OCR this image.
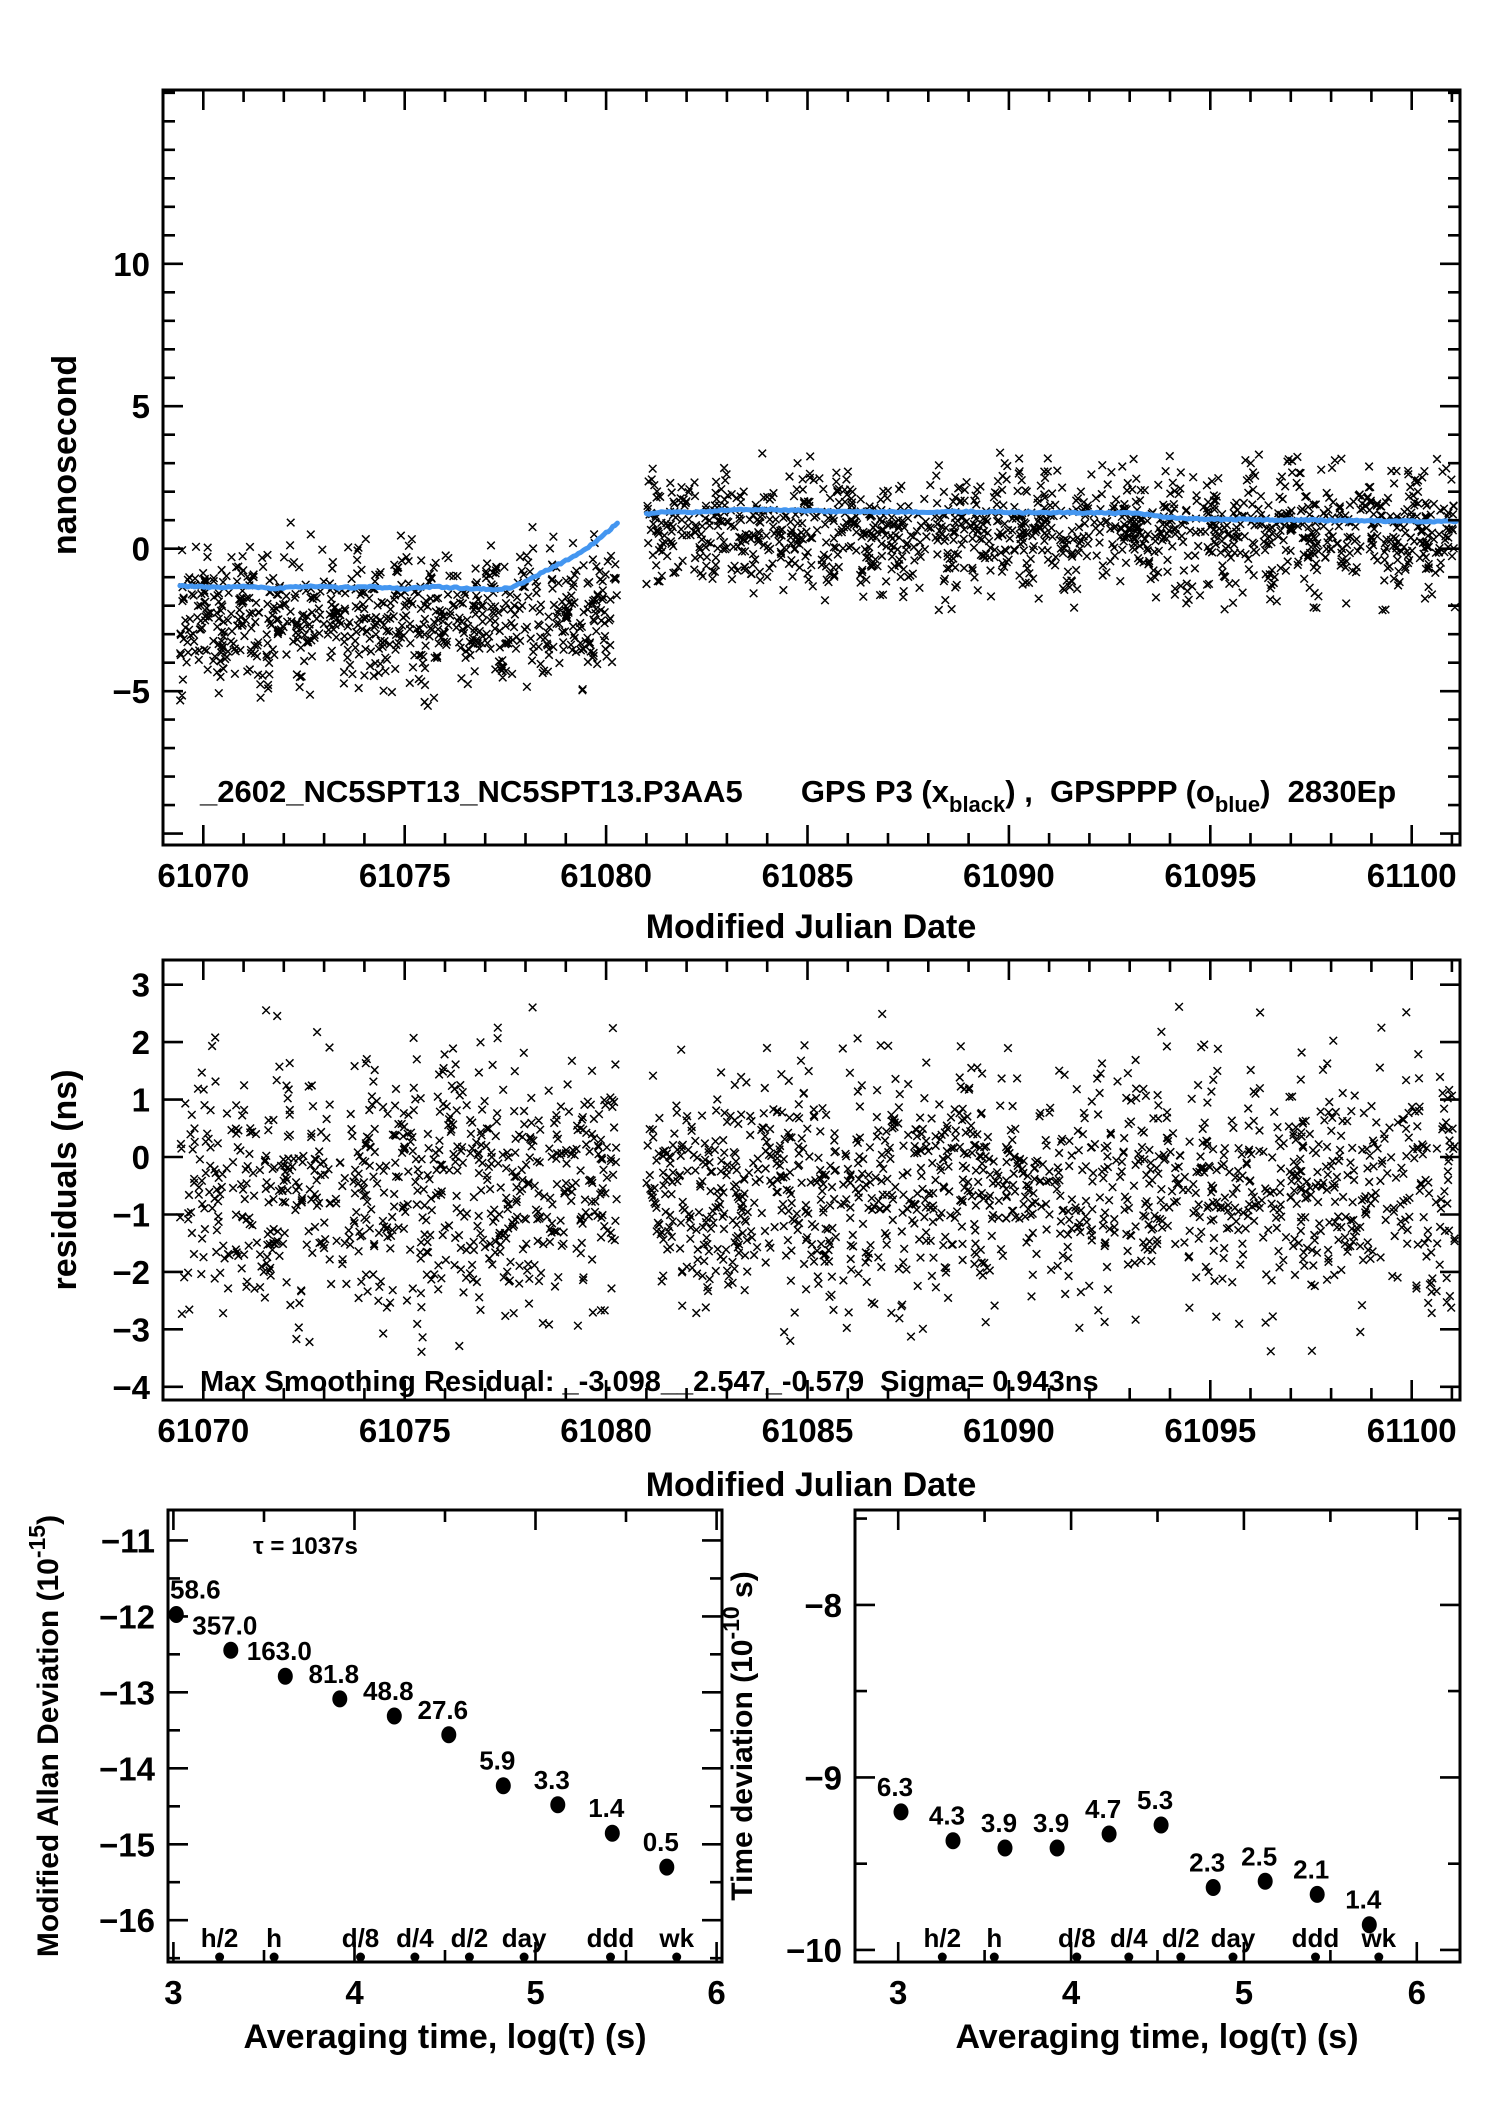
61070	61075	61080	61085	61090	61095	61100
10
5
0
−5
61070	61075	61080	61085	61090	61095	61100
3
2
1
0
−1
−2
−3
−4
58.6
357.0
163.0
81.8
48.8
27.6
5.9
3.3
1.4
0.5
h/2 h d/8 d/4 d/2 day ddd wk
3	4	5	6
−11
−12
−13
−14
−15
−16
6.3
4.3 3.9 3.9 4.7 5.3
2.3 2.5 2.1
1.4
h/2 h d/8 d/4 d/2 day ddd wk
3	4	5	6
−8
−9
−10
_2602_NC5SPT13_NC5SPT13.P3AA5 GPS P3 $(x_{black})$ ,  GPSPPP $(o_{blue})$  2830Ep
Modified Julian Date
nanosecond
Max Smoothing Residual: _-3.098__2.547_-0.579  Sigma= 0.943ns
Modified Julian Date
residuals (ns)
τ = 1037s
Averaging time, log(τ) (s)
Modified Allan Deviation $(10^{-15})$
Averaging time, log(τ) (s)
Time deviation ($10^{-10}$ s)
